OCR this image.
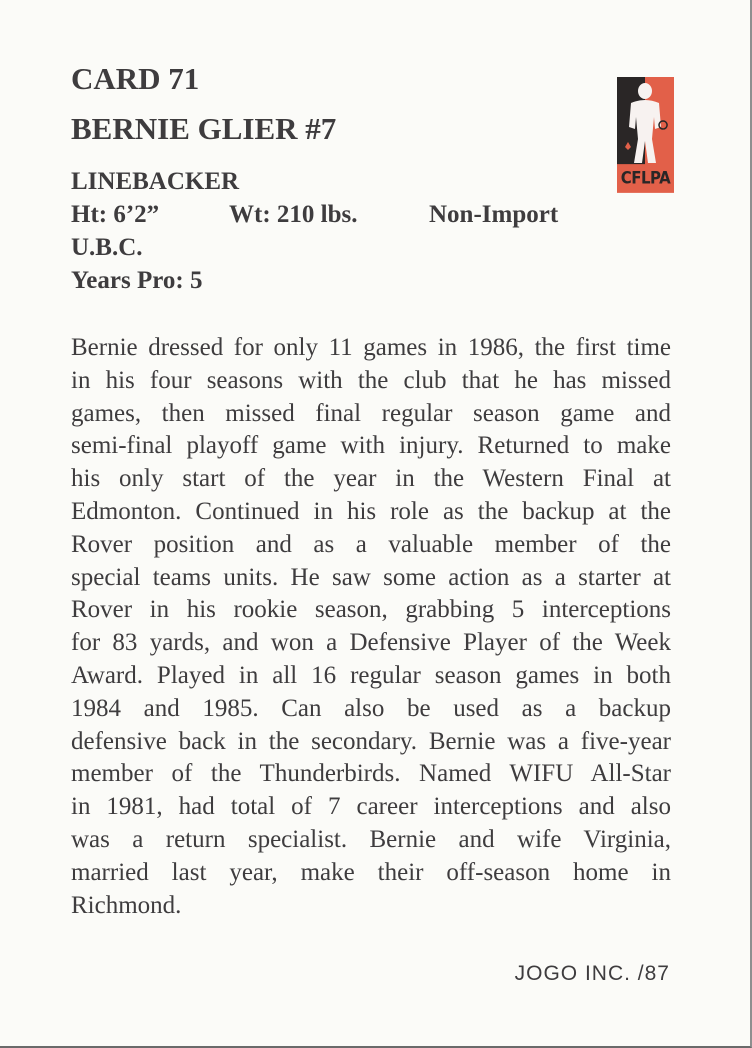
CARD 71
BERNIE GLIER #7
CFLPA
LINEBACKER
Ht: 6’2”	Wt: 210 lbs.	Non-Import
U.B.C.
Years Pro: 5
Bernie dressed for only 11 games in 1986, the first time
in his four seasons with the club that he has missed
games, then missed final regular season game and
semi-final playoff game with injury. Returned to make
his only start of the year in the Western Final at
Edmonton. Continued in his role as the backup at the
Rover position and as a valuable member of the
special teams units. He saw some action as a starter at
Rover in his rookie season, grabbing 5 interceptions
for 83 yards, and won a Defensive Player of the Week
Award. Played in all 16 regular season games in both
1984 and 1985. Can also be used as a backup
defensive back in the secondary. Bernie was a five-year
member of the Thunderbirds. Named WIFU All-Star
in 1981, had total of 7 career interceptions and also
was a return specialist. Bernie and wife Virginia,
married last year, make their off-season home in
Richmond.
JOGO INC. /87
